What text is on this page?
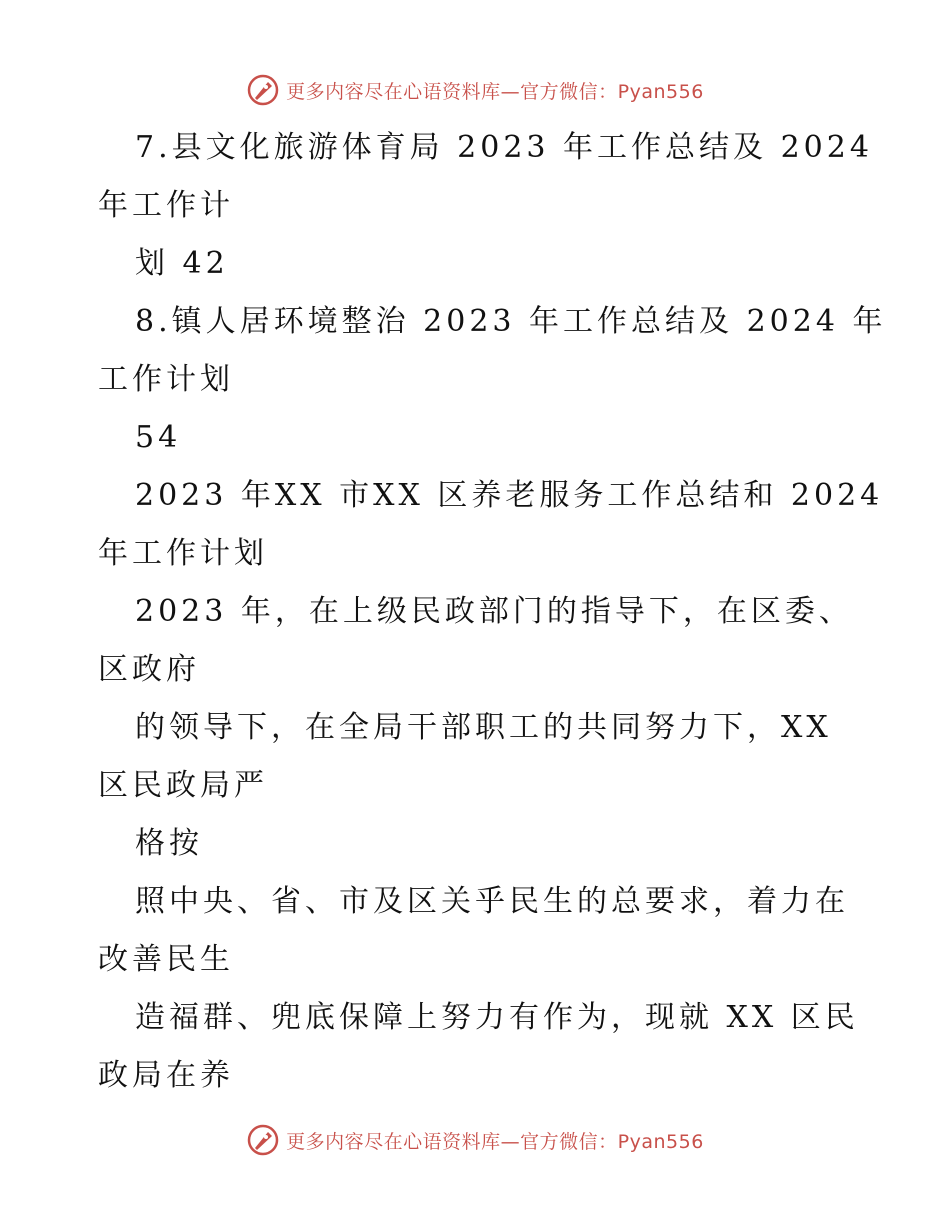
更多内容尽在心语资料库—官方微信：Pyan556
7.县文化旅游体育局 2023 年工作总结及 2024
年工作计
划 42
8.镇人居环境整治 2023 年工作总结及 2024 年
工作计划
54
2023 年XX 市XX 区养老服务工作总结和 2024
年工作计划
2023 年，在上级民政部门的指导下，在区委、
区政府
的领导下，在全局干部职工的共同努力下，XX
区民政局严
格按
照中央、省、市及区关乎民生的总要求，着力在
改善民生
造福群、兜底保障上努力有作为，现就 XX 区民
政局在养
更多内容尽在心语资料库—官方微信：Pyan556
